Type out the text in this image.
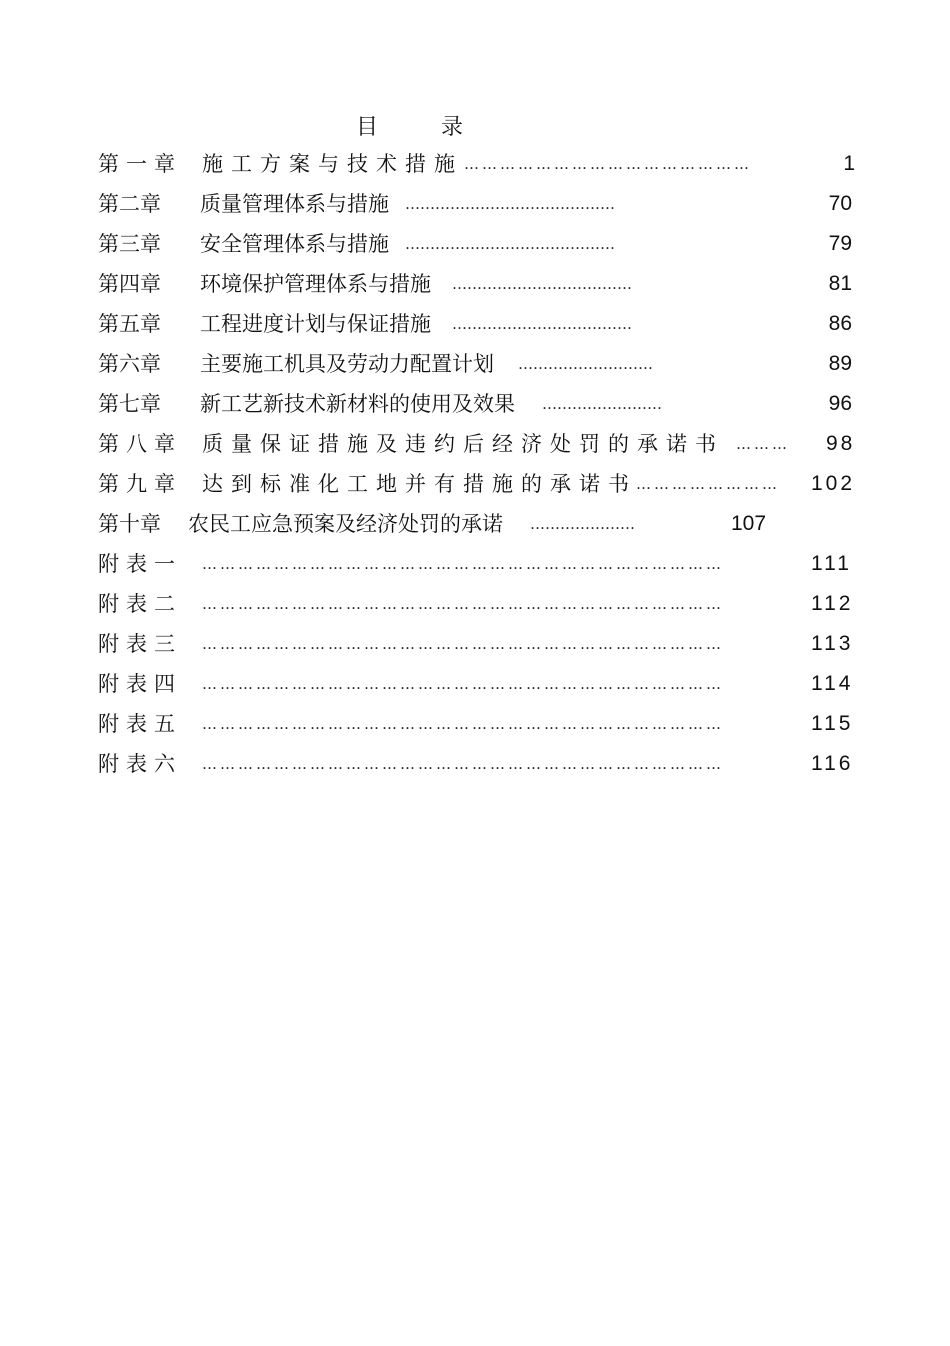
目 录
第一章 施工方案与技术措施 …………………………………………	1
第二章 质量管理体系与措施 ……………………………………	70
第三章 安全管理体系与措施 ……………………………………	79
第四章 环境保护管理体系与措施 ………………………………	81
第五章 工程进度计划与保证措施 ………………………………	86
第六章 主要施工机具及劳动力配置计划 ………………………	89
第七章 新工艺新技术新材料的使用及效果 ……………………	96
第八章 质量保证措施及违约后经济处罚的承诺书 ………	98
第九章 达到标准化工地并有措施的承诺书 ……………………	102
第十章 农民工应急预案及经济处罚的承诺 …………………	107
附表一 ……………………………………………………………………………	111
附表二 ……………………………………………………………………………	112
附表三 ……………………………………………………………………………	113
附表四 ……………………………………………………………………………	114
附表五 ……………………………………………………………………………	115
附表六 ……………………………………………………………………………	116
